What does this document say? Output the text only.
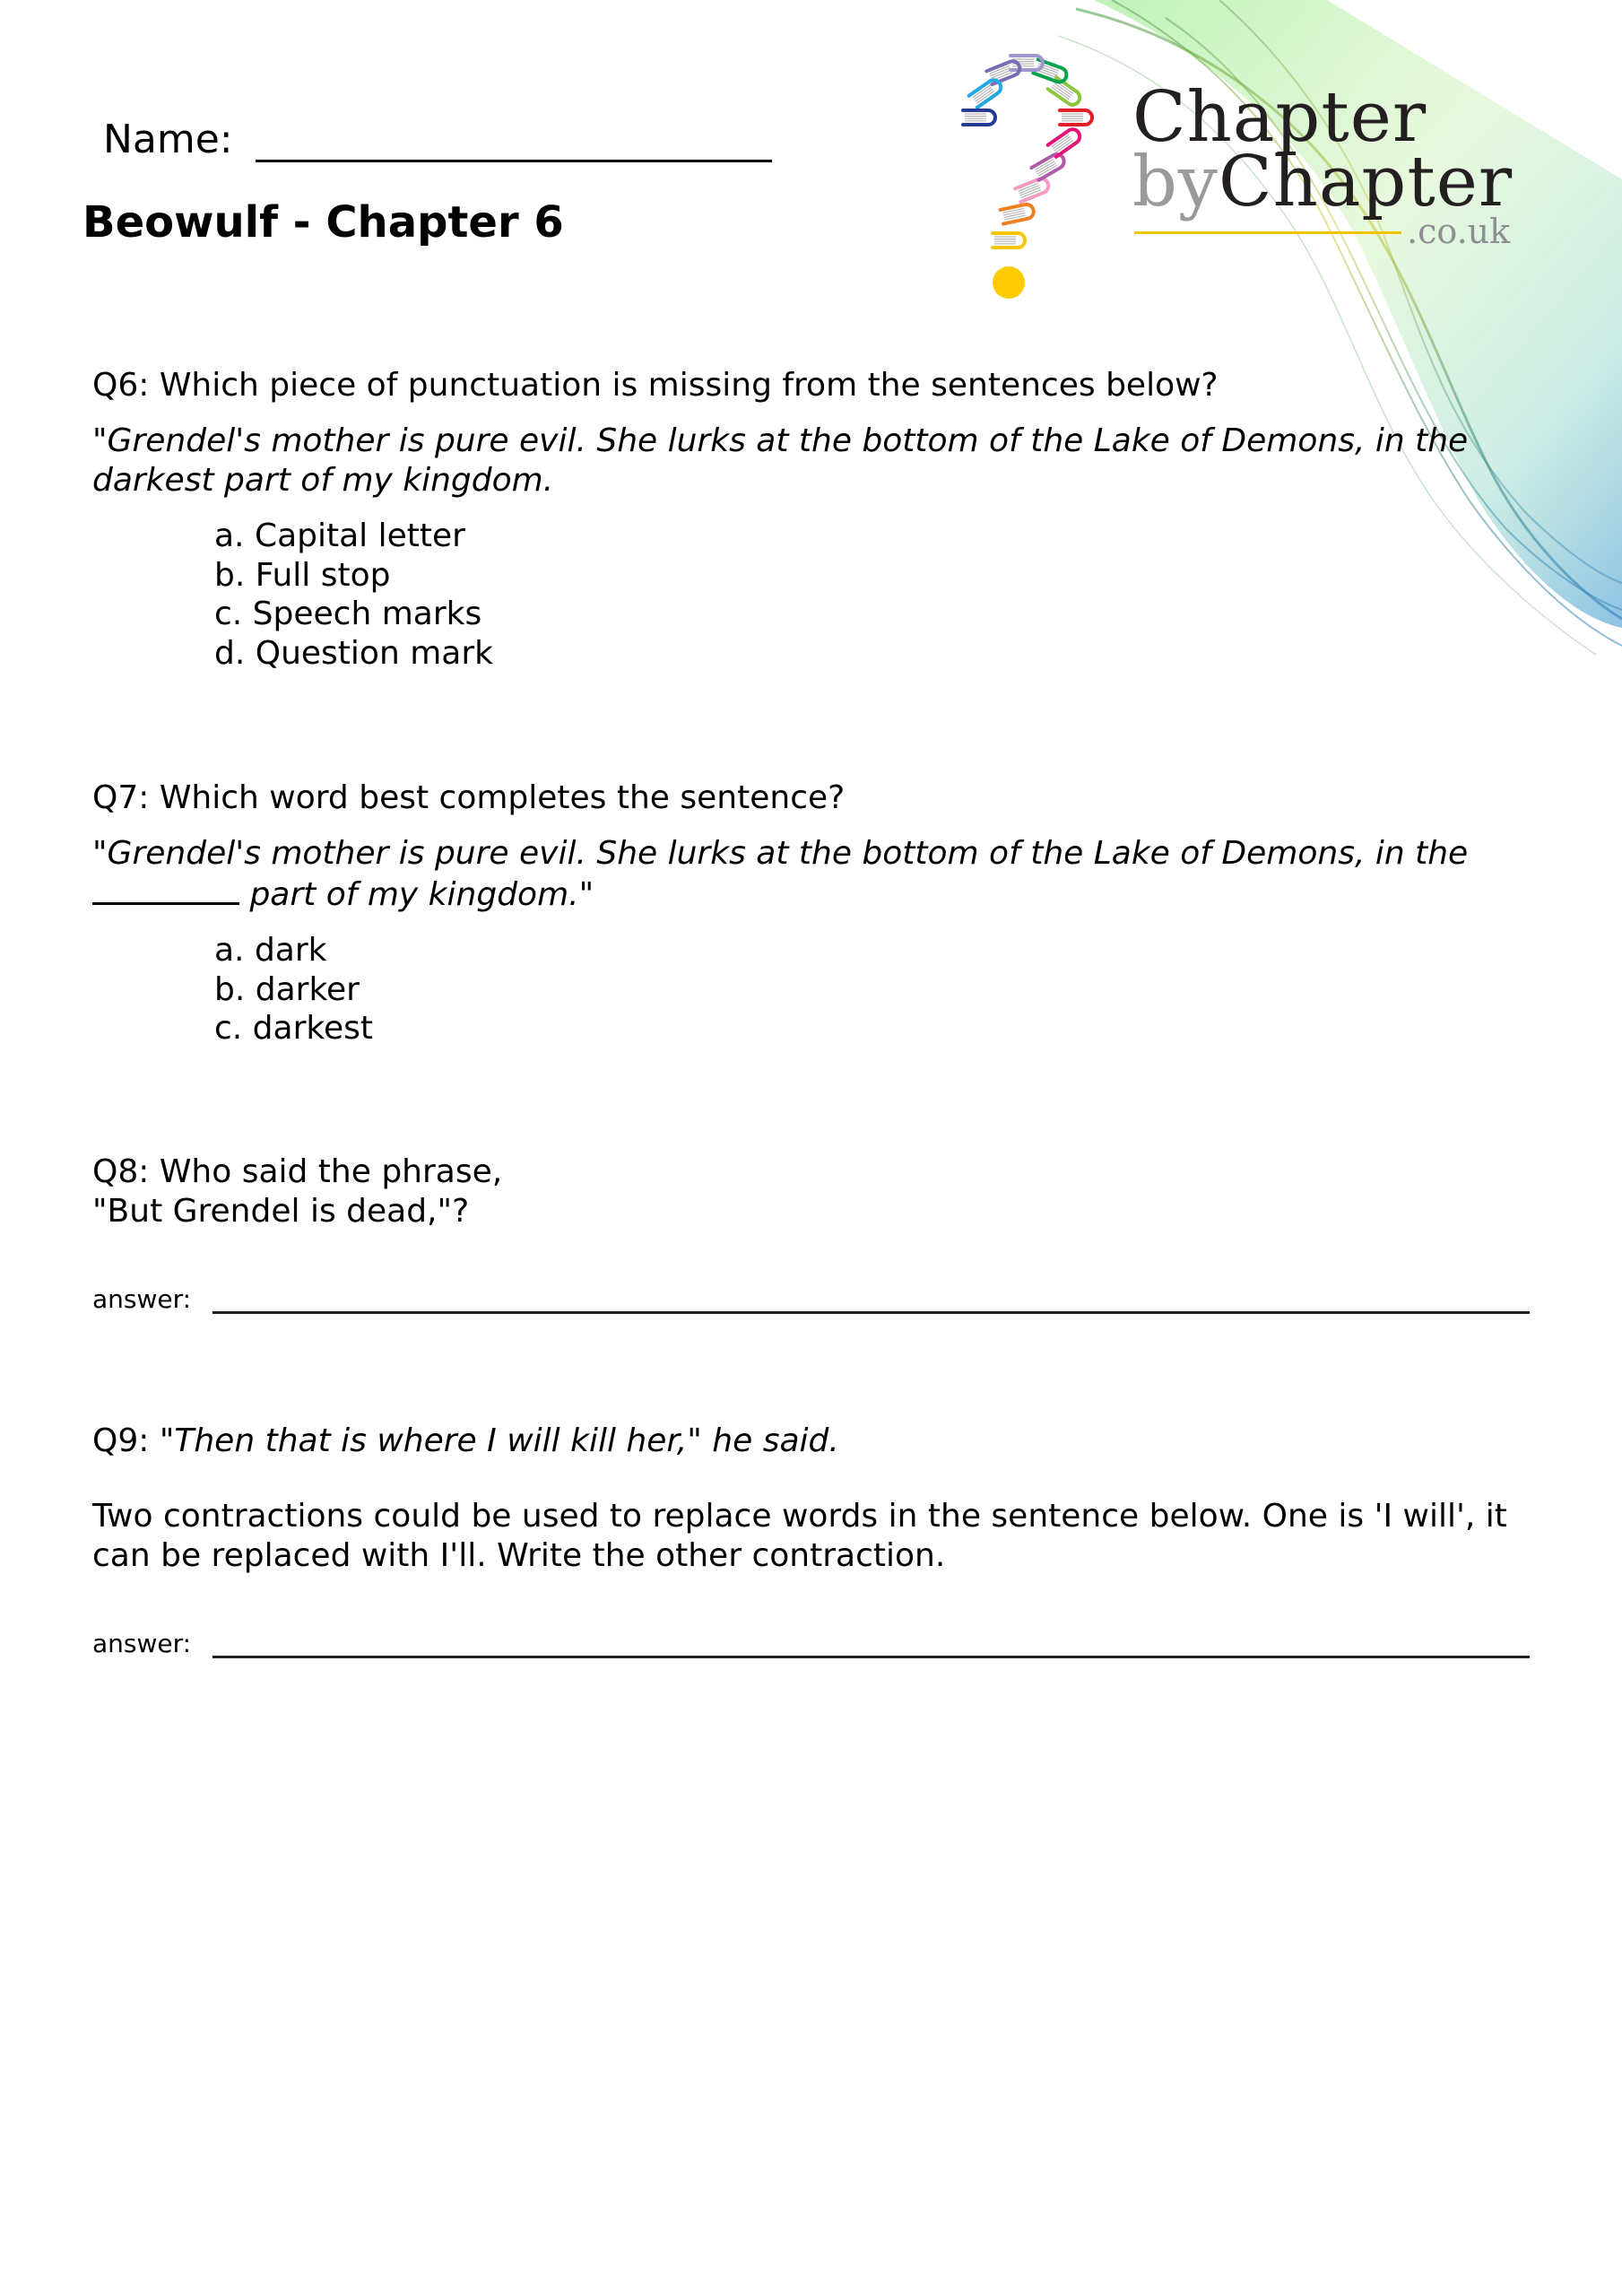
Chapter
byChapter
.co.uk
Name:
Beowulf - Chapter 6
Q6: Which piece of punctuation is missing from the sentences below?
"Grendel's mother is pure evil. She lurks at the bottom of the Lake of Demons, in the
darkest part of my kingdom.
a. Capital letter
b. Full stop
c. Speech marks
d. Question mark
Q7: Which word best completes the sentence?
"Grendel's mother is pure evil. She lurks at the bottom of the Lake of Demons, in the
part of my kingdom."
a. dark
b. darker
c. darkest
Q8: Who said the phrase,
"But Grendel is dead,"?
answer:
Q9: "Then that is where I will kill her," he said.
Two contractions could be used to replace words in the sentence below. One is 'I will', it
can be replaced with I'll. Write the other contraction.
answer:
